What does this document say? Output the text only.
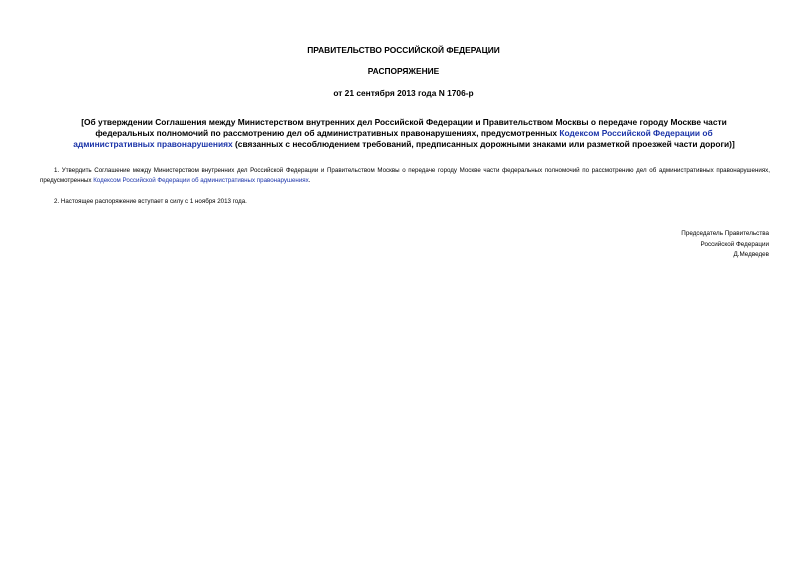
ПРАВИТЕЛЬСТВО РОССИЙСКОЙ ФЕДЕРАЦИИ
РАСПОРЯЖЕНИЕ
от 21 сентября 2013 года N 1706-р
[Об утверждении Соглашения между Министерством внутренних дел Российской Федерации и Правительством Москвы о передаче городу Москве части федеральных полномочий по рассмотрению дел об административных правонарушениях, предусмотренных Кодексом Российской Федерации об административных правонарушениях (связанных с несоблюдением требований, предписанных дорожными знаками или разметкой проезжей части дороги)]
1. Утвердить Соглашение между Министерством внутренних дел Российской Федерации и Правительством Москвы о передаче городу Москве части федеральных полномочий по рассмотрению дел об административных правонарушениях, предусмотренных Кодексом Российской Федерации об административных правонарушениях.
2. Настоящее распоряжение вступает в силу с 1 ноября 2013 года.
Председатель Правительства
Российской Федерации
Д.Медведев
